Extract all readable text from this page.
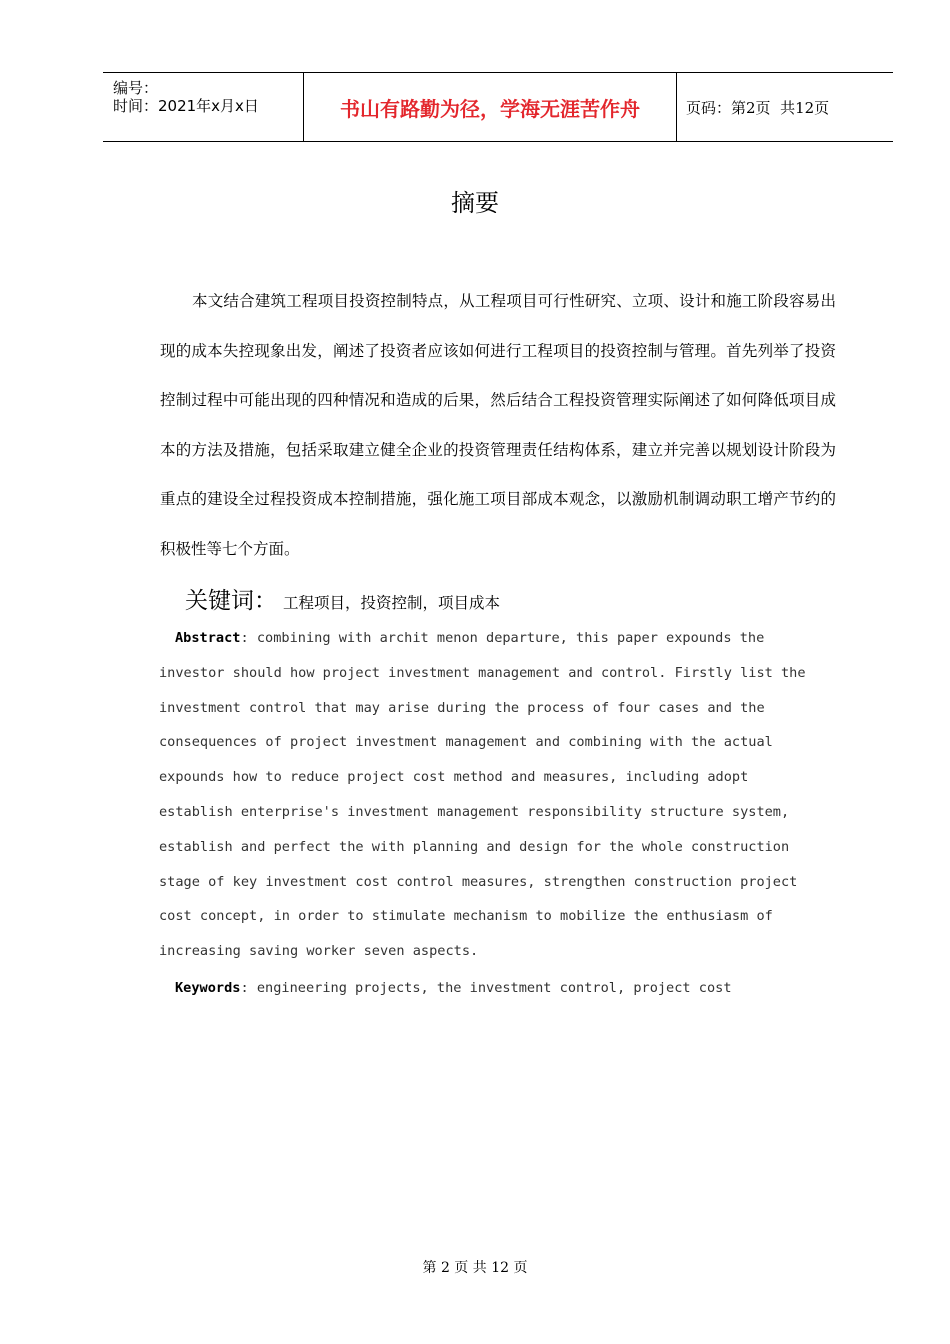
编号：
时间：2021年x月x日	书山有路勤为径，学海无涯苦作舟	页码：第2页  共12页
摘要

本文结合建筑工程项目投资控制特点，从工程项目可行性研究、立项、设计和施工阶段容易出现的成本失控现象出发，阐述了投资者应该如何进行工程项目的投资控制与管理。首先列举了投资控制过程中可能出现的四种情况和造成的后果，然后结合工程投资管理实际阐述了如何降低项目成本的方法及措施，包括采取建立健全企业的投资管理责任结构体系，建立并完善以规划设计阶段为重点的建设全过程投资成本控制措施，强化施工项目部成本观念，以激励机制调动职工增产节约的积极性等七个方面。

关键词： 工程项目，投资控制，项目成本
Abstract: combining with archit menon departure, this paper expounds the
investor should how project investment management and control. Firstly list the
investment control that may arise during the process of four cases and the
consequences of project investment management and combining with the actual
expounds how to reduce project cost method and measures, including adopt
establish enterprise's investment management responsibility structure system,
establish and perfect the with planning and design for the whole construction
stage of key investment cost control measures, strengthen construction project
cost concept, in order to stimulate mechanism to mobilize the enthusiasm of
increasing saving worker seven aspects.
Keywords: engineering projects, the investment control, project cost
第 2 页 共 12 页
